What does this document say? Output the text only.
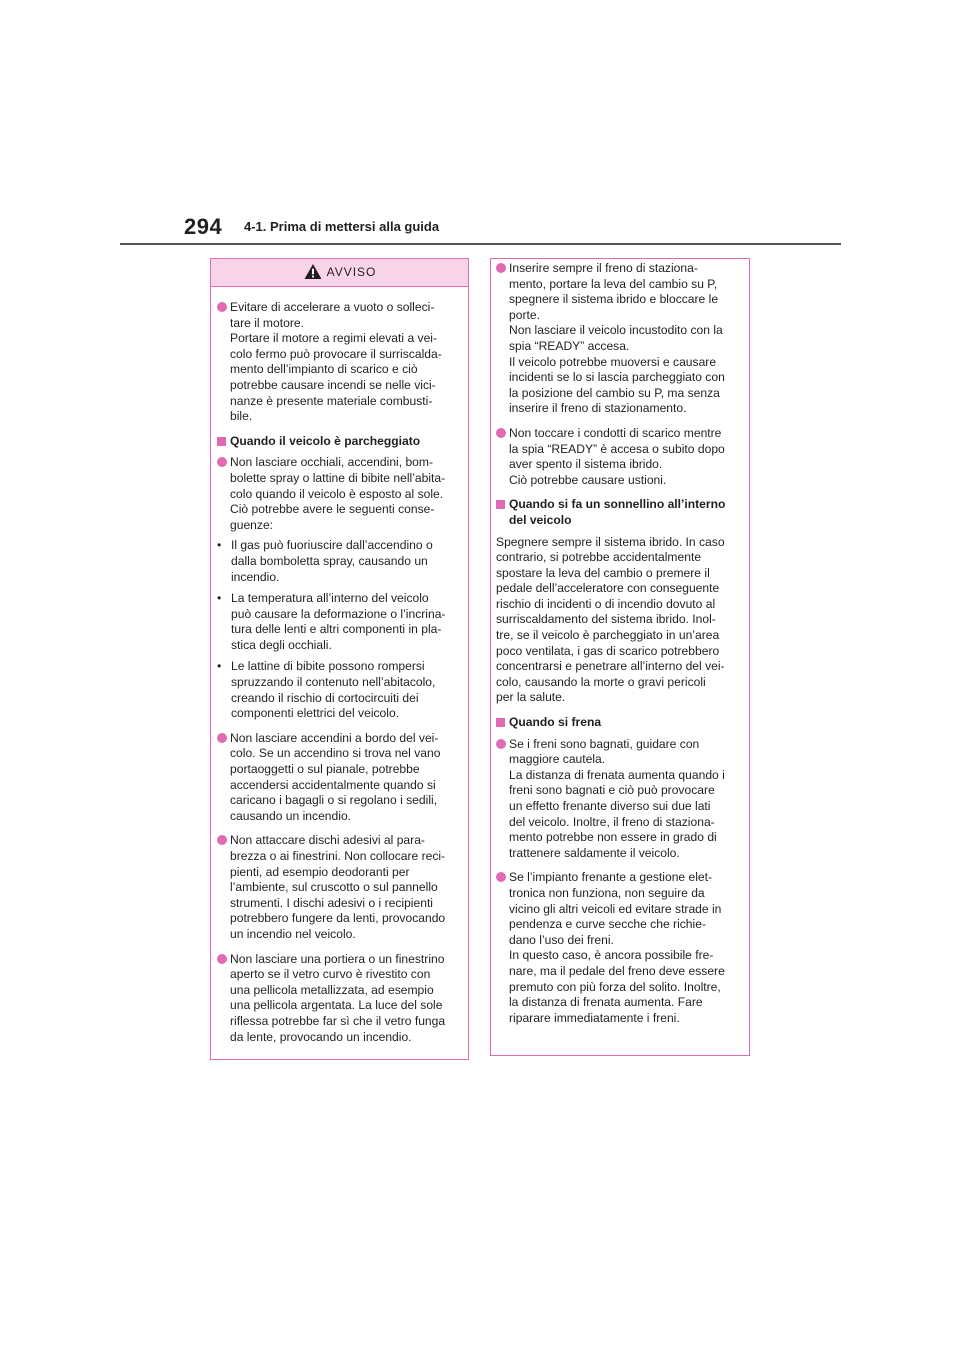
294 4-1. Prima di mettersi alla guida
AVVISO
Evitare di accelerare a vuoto o solleci-
tare il motore.
Portare il motore a regimi elevati a vei-
colo fermo può provocare il surriscalda-
mento dell’impianto di scarico e ciò
potrebbe causare incendi se nelle vici-
nanze è presente materiale combusti-
bile.
Quando il veicolo è parcheggiato
Non lasciare occhiali, accendini, bom-
bolette spray o lattine di bibite nell’abita-
colo quando il veicolo è esposto al sole.
Ciò potrebbe avere le seguenti conse-
guenze:
• Il gas può fuoriuscire dall’accendino o
dalla bomboletta spray, causando un
incendio.
• La temperatura all’interno del veicolo
può causare la deformazione o l’incrina-
tura delle lenti e altri componenti in pla-
stica degli occhiali.
• Le lattine di bibite possono rompersi
spruzzando il contenuto nell’abitacolo,
creando il rischio di cortocircuiti dei
componenti elettrici del veicolo.
Non lasciare accendini a bordo del vei-
colo. Se un accendino si trova nel vano
portaoggetti o sul pianale, potrebbe
accendersi accidentalmente quando si
caricano i bagagli o si regolano i sedili,
causando un incendio.
Non attaccare dischi adesivi al para-
brezza o ai finestrini. Non collocare reci-
pienti, ad esempio deodoranti per
l’ambiente, sul cruscotto o sul pannello
strumenti. I dischi adesivi o i recipienti
potrebbero fungere da lenti, provocando
un incendio nel veicolo.
Non lasciare una portiera o un finestrino
aperto se il vetro curvo è rivestito con
una pellicola metallizzata, ad esempio
una pellicola argentata. La luce del sole
riflessa potrebbe far sì che il vetro funga
da lente, provocando un incendio.
Inserire sempre il freno di staziona-
mento, portare la leva del cambio su P,
spegnere il sistema ibrido e bloccare le
porte.
Non lasciare il veicolo incustodito con la
spia “READY” accesa.
Il veicolo potrebbe muoversi e causare
incidenti se lo si lascia parcheggiato con
la posizione del cambio su P, ma senza
inserire il freno di stazionamento.
Non toccare i condotti di scarico mentre
la spia “READY” è accesa o subito dopo
aver spento il sistema ibrido.
Ciò potrebbe causare ustioni.
Quando si fa un sonnellino all’interno
del veicolo
Spegnere sempre il sistema ibrido. In caso
contrario, si potrebbe accidentalmente
spostare la leva del cambio o premere il
pedale dell’acceleratore con conseguente
rischio di incidenti o di incendio dovuto al
surriscaldamento del sistema ibrido. Inol-
tre, se il veicolo è parcheggiato in un’area
poco ventilata, i gas di scarico potrebbero
concentrarsi e penetrare all’interno del vei-
colo, causando la morte o gravi pericoli
per la salute.
Quando si frena
Se i freni sono bagnati, guidare con
maggiore cautela.
La distanza di frenata aumenta quando i
freni sono bagnati e ciò può provocare
un effetto frenante diverso sui due lati
del veicolo. Inoltre, il freno di staziona-
mento potrebbe non essere in grado di
trattenere saldamente il veicolo.
Se l’impianto frenante a gestione elet-
tronica non funziona, non seguire da
vicino gli altri veicoli ed evitare strade in
pendenza e curve secche che richie-
dano l’uso dei freni.
In questo caso, è ancora possibile fre-
nare, ma il pedale del freno deve essere
premuto con più forza del solito. Inoltre,
la distanza di frenata aumenta. Fare
riparare immediatamente i freni.
